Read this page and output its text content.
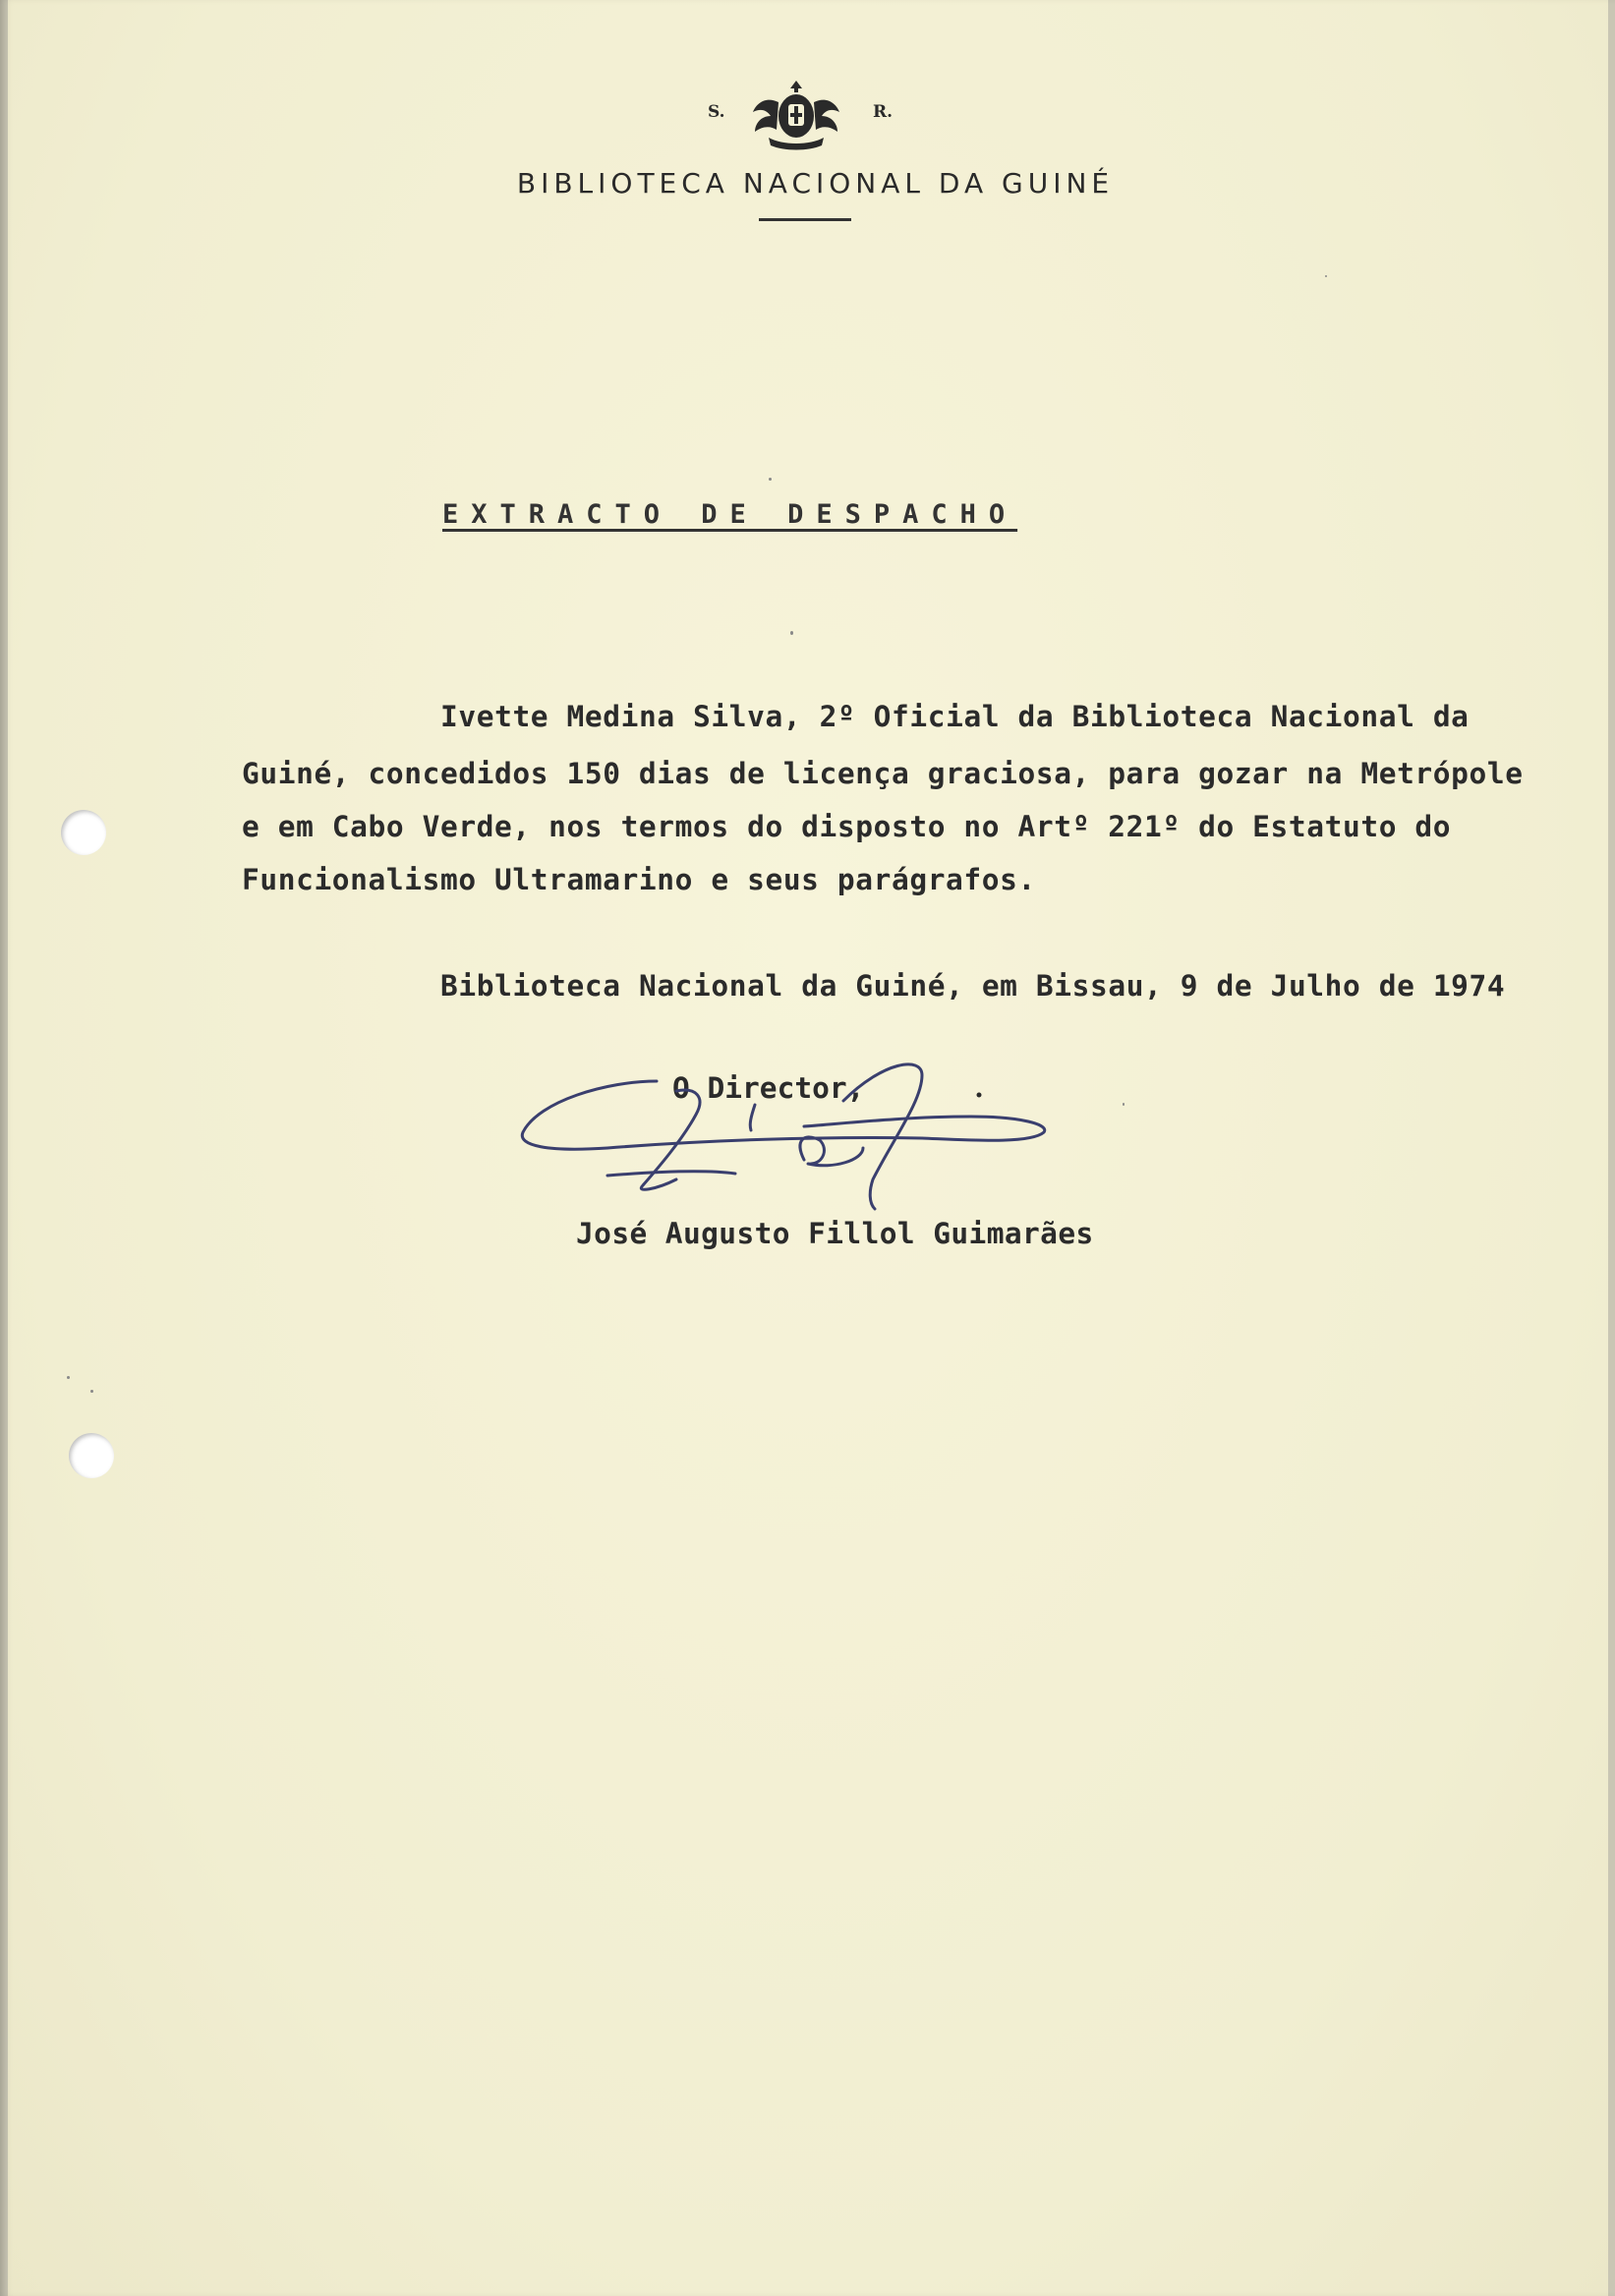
S.	R.
BIBLIOTECA NACIONAL DA GUINÉ
EXTRACTO DE DESPACHO
Ivette Medina Silva, 2º Oficial da Biblioteca Nacional da
Guiné, concedidos 150 dias de licença graciosa, para gozar na Metrópole
e em Cabo Verde, nos termos do disposto no Artº 221º do Estatuto do
Funcionalismo Ultramarino e seus parágrafos.
Biblioteca Nacional da Guiné, em Bissau, 9 de Julho de 1974
O Director,
José Augusto Fillol Guimarães
